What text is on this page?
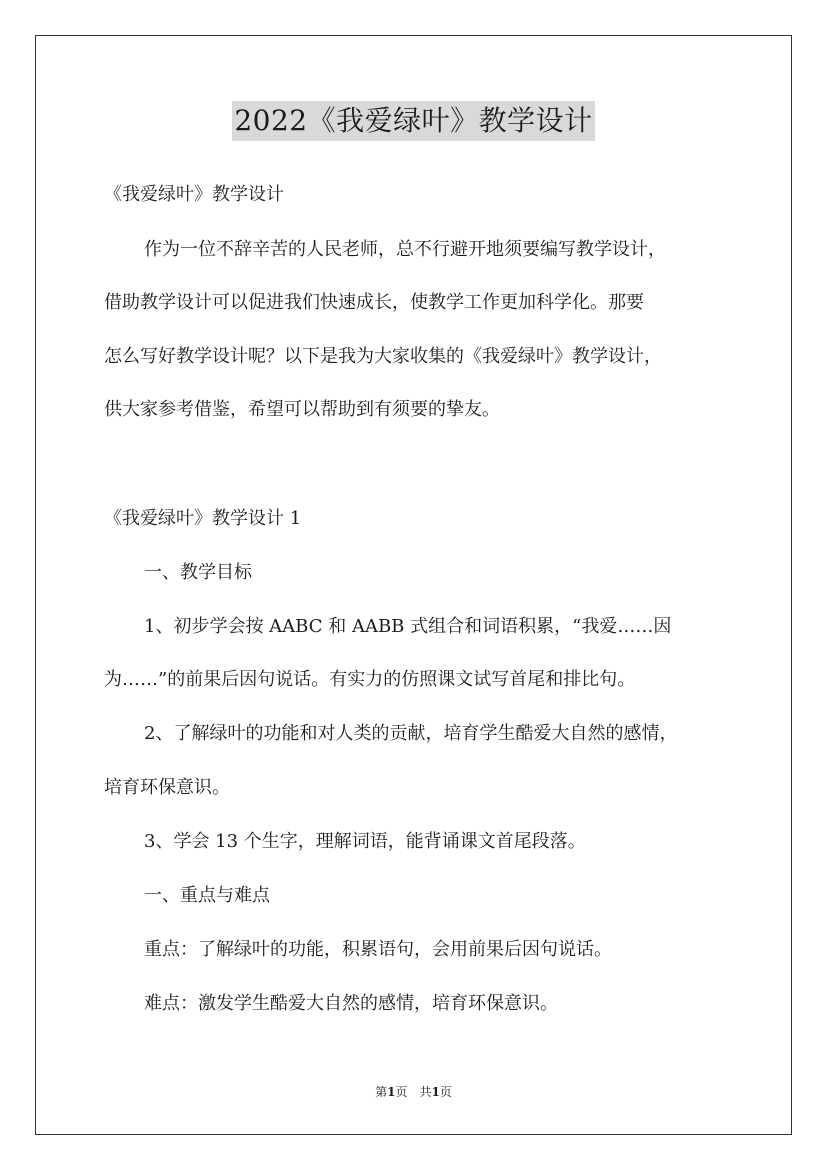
2022《我爱绿叶》教学设计
《我爱绿叶》教学设计
作为一位不辞辛苦的人民老师，总不行避开地须要编写教学设计，
借助教学设计可以促进我们快速成长，使教学工作更加科学化。那要
怎么写好教学设计呢？以下是我为大家收集的《我爱绿叶》教学设计，
供大家参考借鉴，希望可以帮助到有须要的挚友。
《我爱绿叶》教学设计 1
一、教学目标
1、初步学会按 AABC 和 AABB 式组合和词语积累，“我爱……因
为……”的前果后因句说话。有实力的仿照课文试写首尾和排比句。
2、了解绿叶的功能和对人类的贡献，培育学生酷爱大自然的感情，
培育环保意识。
3、学会 13 个生字，理解词语，能背诵课文首尾段落。
一、重点与难点
重点：了解绿叶的功能，积累语句，会用前果后因句说话。
难点：激发学生酷爱大自然的感情，培育环保意识。
第1页　共1页
